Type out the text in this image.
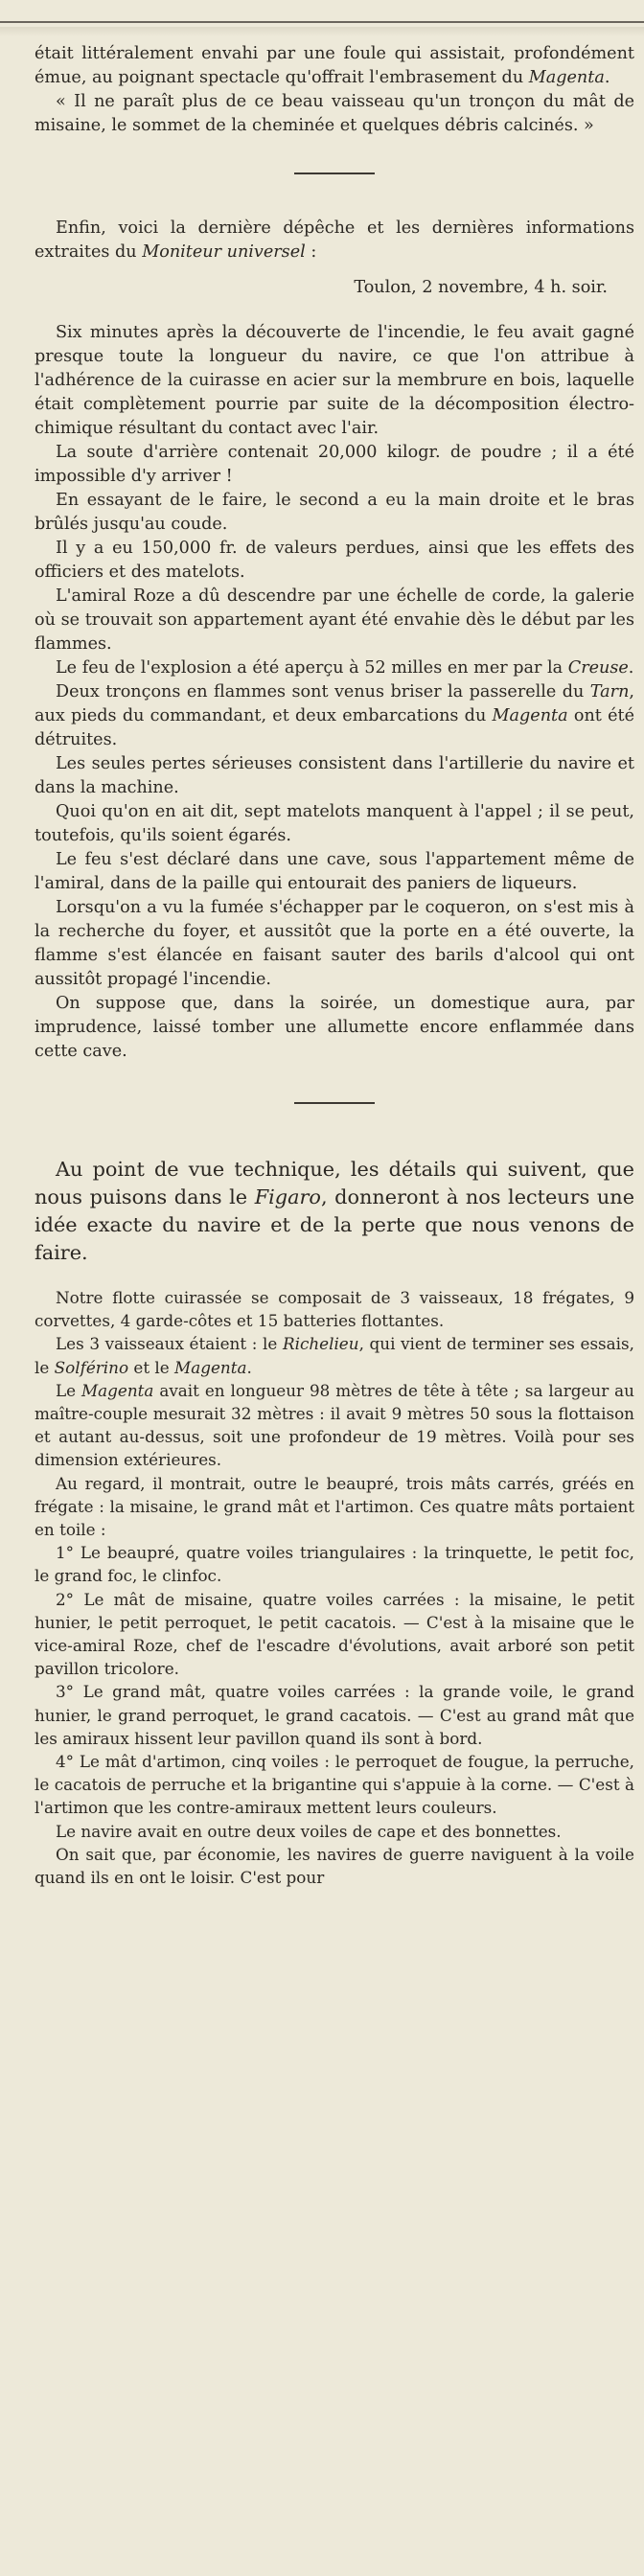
était littéralement envahi par une foule qui assistait, profondément émue, au poignant spectacle qu'offrait l'embrasement du Magenta.

« Il ne paraît plus de ce beau vaisseau qu'un tronçon du mât de misaine, le sommet de la cheminée et quelques débris calcinés. »

Enfin, voici la dernière dépêche et les dernières informations extraites du Moniteur universel :

Toulon, 2 novembre, 4 h. soir.

Six minutes après la découverte de l'incendie, le feu avait gagné presque toute la longueur du navire, ce que l'on attribue à l'adhérence de la cuirasse en acier sur la membrure en bois, laquelle était complètement pourrie par suite de la décomposition électro-chimique résultant du contact avec l'air.

La soute d'arrière contenait 20,000 kilogr. de poudre ; il a été impossible d'y arriver !

En essayant de le faire, le second a eu la main droite et le bras brûlés jusqu'au coude.

Il y a eu 150,000 fr. de valeurs perdues, ainsi que les effets des officiers et des matelots.

L'amiral Roze a dû descendre par une échelle de corde, la galerie où se trouvait son appartement ayant été envahie dès le début par les flammes.

Le feu de l'explosion a été aperçu à 52 milles en mer par la Creuse.

Deux tronçons en flammes sont venus briser la passerelle du Tarn, aux pieds du commandant, et deux embarcations du Magenta ont été détruites.

Les seules pertes sérieuses consistent dans l'artillerie du navire et dans la machine.

Quoi qu'on en ait dit, sept matelots manquent à l'appel ; il se peut, toutefois, qu'ils soient égarés.

Le feu s'est déclaré dans une cave, sous l'appartement même de l'amiral, dans de la paille qui entourait des paniers de liqueurs.

Lorsqu'on a vu la fumée s'échapper par le coqueron, on s'est mis à la recherche du foyer, et aussitôt que la porte en a été ouverte, la flamme s'est élancée en faisant sauter des barils d'alcool qui ont aussitôt propagé l'incendie.

On suppose que, dans la soirée, un domestique aura, par imprudence, laissé tomber une allumette encore enflammée dans cette cave.

Au point de vue technique, les détails qui suivent, que nous puisons dans le Figaro, donneront à nos lecteurs une idée exacte du navire et de la perte que nous venons de faire.

Notre flotte cuirassée se composait de 3 vaisseaux, 18 frégates, 9 corvettes, 4 garde-côtes et 15 batteries flottantes.

Les 3 vaisseaux étaient : le Richelieu, qui vient de terminer ses essais, le Solférino et le Magenta.

Le Magenta avait en longueur 98 mètres de tête à tête ; sa largeur au maître-couple mesurait 32 mètres : il avait 9 mètres 50 sous la flottaison et autant au-dessus, soit une profondeur de 19 mètres. Voilà pour ses dimension extérieures.

Au regard, il montrait, outre le beaupré, trois mâts carrés, gréés en frégate : la misaine, le grand mât et l'artimon. Ces quatre mâts portaient en toile :

1° Le beaupré, quatre voiles triangulaires : la trinquette, le petit foc, le grand foc, le clinfoc.

2° Le mât de misaine, quatre voiles carrées : la misaine, le petit hunier, le petit perroquet, le petit cacatois. — C'est à la misaine que le vice-amiral Roze, chef de l'escadre d'évolutions, avait arboré son petit pavillon tricolore.

3° Le grand mât, quatre voiles carrées : la grande voile, le grand hunier, le grand perroquet, le grand cacatois. — C'est au grand mât que les amiraux hissent leur pavillon quand ils sont à bord.

4° Le mât d'artimon, cinq voiles : le perroquet de fougue, la perruche, le cacatois de perruche et la brigantine qui s'appuie à la corne. — C'est à l'artimon que les contre-amiraux mettent leurs couleurs.

Le navire avait en outre deux voiles de cape et des bonnettes.

On sait que, par économie, les navires de guerre naviguent à la voile quand ils en ont le loisir. C'est pour
